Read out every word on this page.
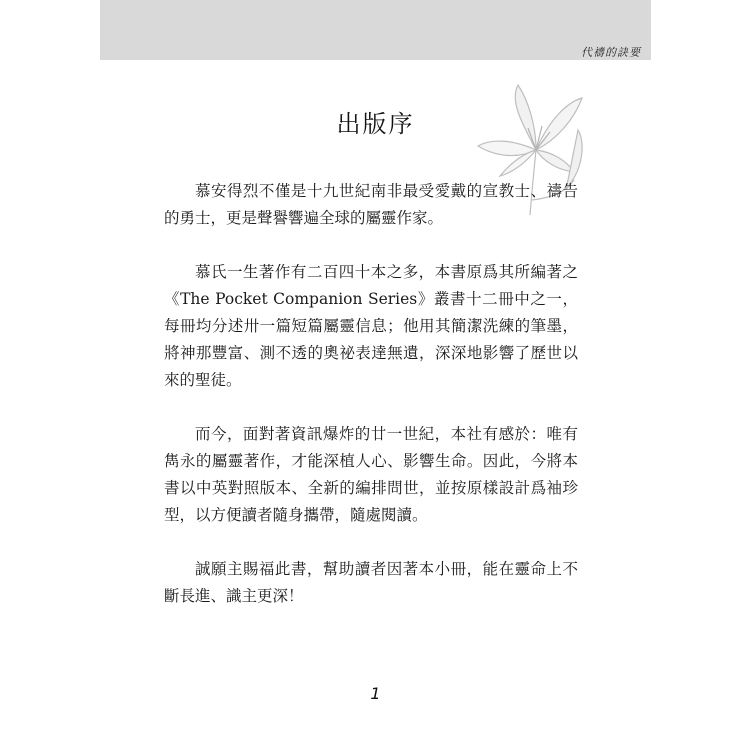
代禱的訣要
出版序

慕安得烈不僅是十九世紀南非最受愛戴的宣教士、禱告的勇士，更是聲譽響遍全球的屬靈作家。

慕氏一生著作有二百四十本之多，本書原爲其所編著之《The Pocket Companion Series》叢書十二冊中之一，每冊均分述卅一篇短篇屬靈信息；他用其簡潔洗練的筆墨，將神那豐富、測不透的奧祕表達無遺，深深地影響了歷世以來的聖徒。

而今，面對著資訊爆炸的廿一世紀，本社有感於：唯有雋永的屬靈著作，才能深植人心、影響生命。因此，今將本書以中英對照版本、全新的編排問世，並按原樣設計爲袖珍型，以方便讀者隨身攜帶，隨處閱讀。

誠願主賜福此書，幫助讀者因著本小冊，能在靈命上不斷長進、識主更深！

1
